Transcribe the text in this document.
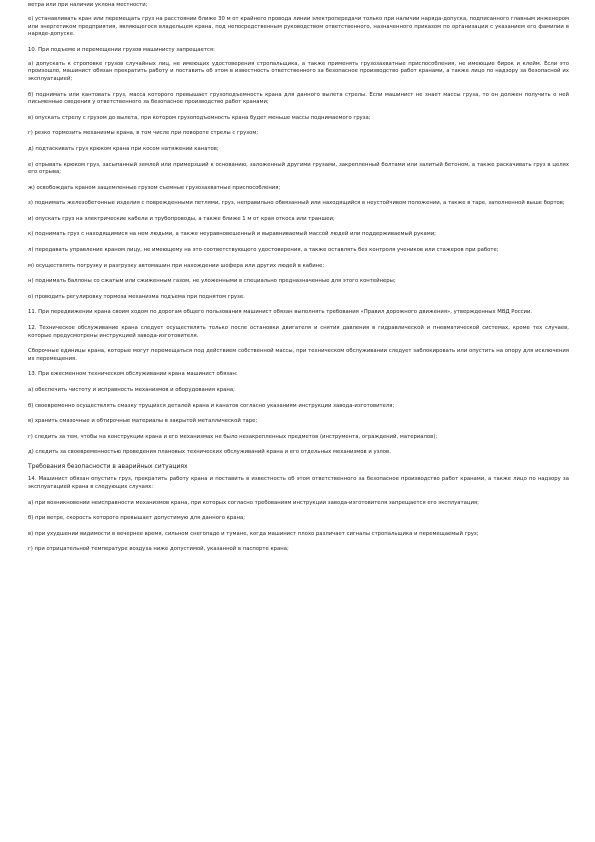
ветра или при наличии уклона местности;

е) устанавливать кран или перемещать груз на расстоянии ближе 30 м от крайнего провода линии электропередачи только при наличии наряда-допуска, подписанного главным инженером или энергетиком предприятия, являющегося владельцем крана, под непосредственным руководством ответственного, назначенного приказом по организации с указанием его фамилии в наряде-допуске.

10. При подъеме и перемещении грузов машинисту запрещается:

а) допускать к строповке грузов случайных лиц, не имеющих удостоверения стропальщика, а также применять грузозахватные приспособления, не имеющие бирок и клейм. Если это произошло, машинист обязан прекратить работу и поставить об этом в известность ответственного за безопасное производство работ кранами, а также лицо по надзору за безопасной их эксплуатацией;

б) поднимать или кантовать груз, масса которого превышает грузоподъемность крана для данного вылета стрелы. Если машинист не знает массы груза, то он должен получить о ней письменные сведения у ответственного за безопасное производство работ кранами;

в) опускать стрелу с грузом до вылета, при котором грузоподъемность крана будет меньше массы поднимаемого груза;

г) резко тормозить механизмы крана, в том числе при повороте стрелы с грузом;

д) подтаскивать груз крюком крана при косом натяжении канатов;

е) отрывать крюком груз, засыпанный землей или примерзший к основанию, заложенный другими грузами, закрепленный болтами или залитый бетоном, а также раскачивать груз в целях его отрыва;

ж) освобождать краном защемленные грузом съемные грузозахватные приспособления;

з) поднимать железобетонные изделия с поврежденными петлями, груз, неправильно обвязанный или находящийся в неустойчивом положении, а также в таре, заполненной выше бортов;

и) опускать груз на электрические кабели и трубопроводы, а также ближе 1 м от края откоса или траншеи;

к) поднимать груз с находящимися на нем людьми, а также неуравновешенный и выравниваемый массой людей или поддерживаемый руками;

л) передавать управление краном лицу, не имеющему на это соответствующего удостоверения, а также оставлять без контроля учеников или стажеров при работе;

м) осуществлять погрузку и разгрузку автомашин при нахождении шофера или других людей в кабине;

н) поднимать баллоны со сжатым или сжиженным газом, не уложенными в специально предназначенные для этого контейнеры;

о) проводить регулировку тормоза механизма подъема при поднятом грузе.

11. При передвижении крана своим ходом по дорогам общего пользования машинист обязан выполнять требования «Правил дорожного движения», утвержденных МВД России.

12. Техническое обслуживание крана следует осуществлять только после остановки двигателя и снятия давления в гидравлической и пневматической системах, кроме тех случаев, которые предусмотрены инструкцией завода-изготовителя.

Сборочные единицы крана, которые могут перемещаться под действием собственной массы, при техническом обслуживании следует заблокировать или опустить на опору для исключения их перемещения.

13. При ежесменном техническом обслуживании крана машинист обязан:

а) обеспечить чистоту и исправность механизмов и оборудования крана;

б) своевременно осуществлять смазку трущихся деталей крана и канатов согласно указаниям инструкции завода-изготовителя;

в) хранить смазочные и обтирочные материалы в закрытой металлической таре;

г) следить за тем, чтобы на конструкции крана и его механизмах не было незакрепленных предметов (инструмента, ограждений, материалов);

д) следить за своевременностью проведения плановых технических обслуживаний крана и его отдельных механизмов и узлов.

Требования безопасности в аварийных ситуациях

14. Машинист обязан опустить груз, прекратить работу крана и поставить в известность об этом ответственного за безопасное производство работ кранами, а также лицо по надзору за эксплуатацией крана в следующих случаях:

а) при возникновении неисправности механизмов крана, при которых согласно требованиям инструкции завода-изготовителя запрещается его эксплуатация;

б) при ветре, скорость которого превышает допустимую для данного крана;

в) при ухудшении видимости в вечернее время, сильном снегопаде и тумане, когда машинист плохо различает сигналы стропальщика и перемещаемый груз;

г) при отрицательной температуре воздуха ниже допустимой, указанной в паспорте крана;
